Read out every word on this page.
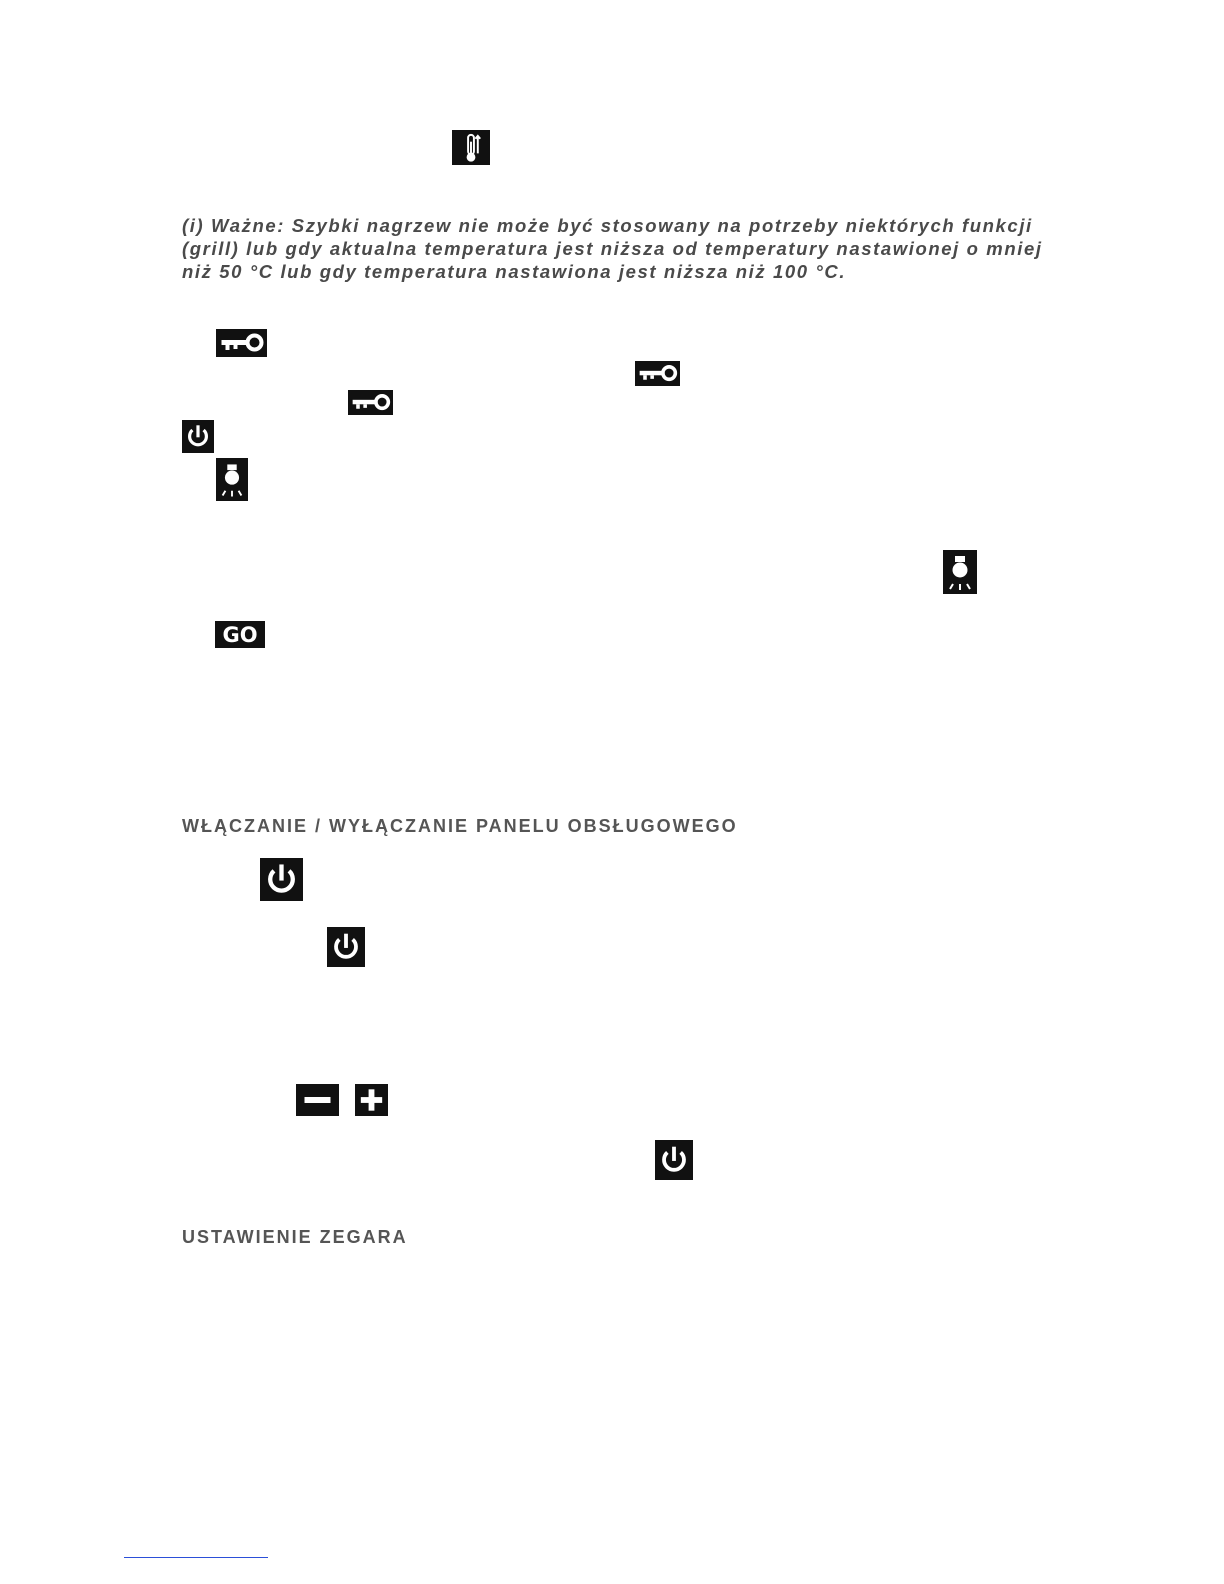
(i) Ważne: Szybki nagrzew nie może być stosowany na potrzeby niektórych funkcji
(grill) lub gdy aktualna temperatura jest niższa od temperatury nastawionej o mniej
niż 50 °C lub gdy temperatura nastawiona jest niższa niż 100 °C.

GO

WŁĄCZANIE / WYŁĄCZANIE PANELU OBSŁUGOWEGO

USTAWIENIE ZEGARA
